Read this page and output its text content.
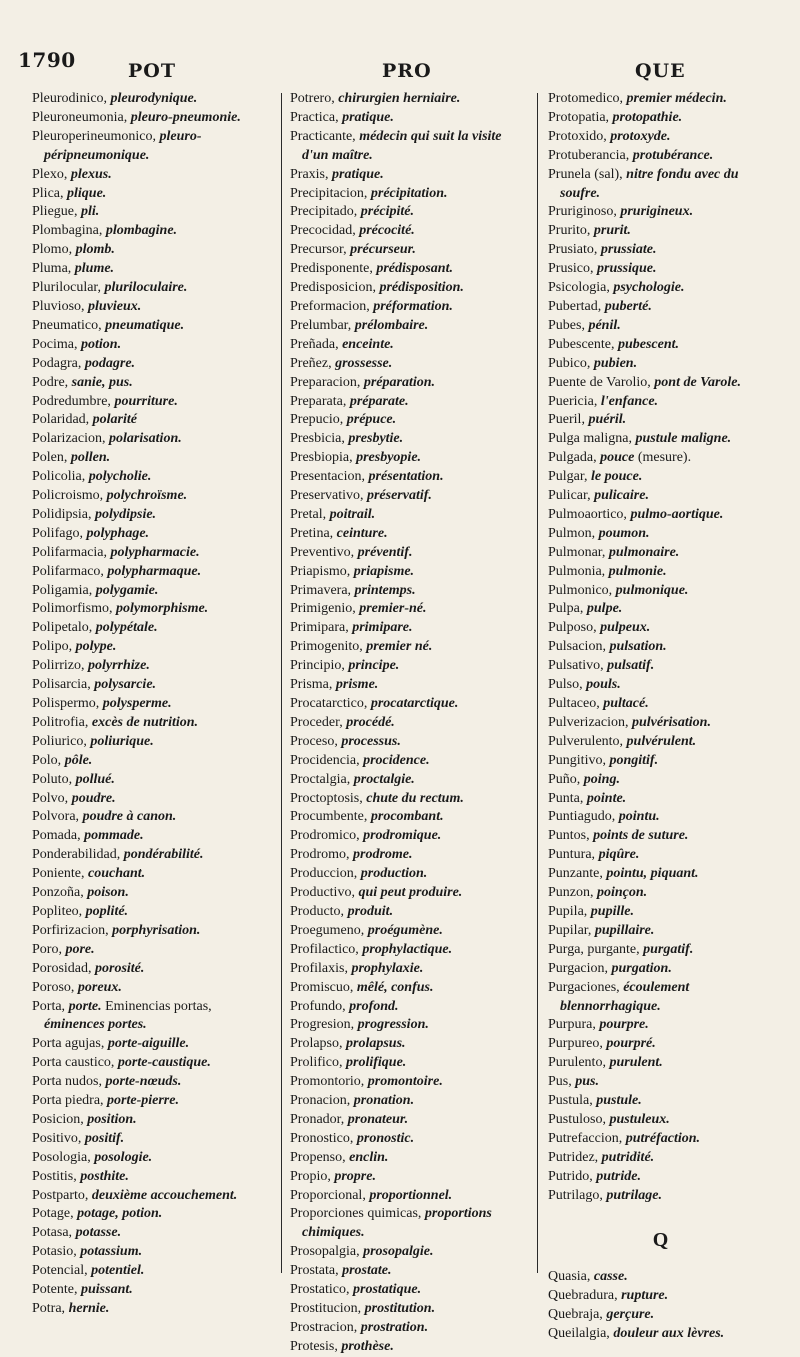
1790	POT	PRO	QUE
Pleurodinico, pleurodynique.
Pleuroneumonia, pleuro-pneumonie.
Pleuroperineumonico, pleuro-péripneumonique.
Plexo, plexus.
Plica, plique.
Pliegue, pli.
Plombagina, plombagine.
Plomo, plomb.
Pluma, plume.
Plurilocular, pluriloculaire.
Pluvioso, pluvieux.
Pneumatico, pneumatique.
Pocima, potion.
Podagra, podagre.
Podre, sanie, pus.
Podredumbre, pourriture.
Polaridad, polarité
Polarizacion, polarisation.
Polen, pollen.
Policolia, polycholie.
Policroismo, polychroïsme.
Polidipsia, polydipsie.
Polifago, polyphage.
Polifarmacia, polypharmacie.
Polifarmaco, polypharmaque.
Poligamia, polygamie.
Polimorfismo, polymorphisme.
Polipetalo, polypétale.
Polipo, polype.
Polirrizo, polyrrhize.
Polisarcia, polysarcie.
Polispermo, polysperme.
Politrofia, excès de nutrition.
Poliurico, poliurique.
Polo, pôle.
Poluto, pollué.
Polvo, poudre.
Polvora, poudre à canon.
Pomada, pommade.
Ponderabilidad, pondérabilité.
Poniente, couchant.
Ponzoña, poison.
Popliteo, poplité.
Porfirizacion, porphyrisation.
Poro, pore.
Porosidad, porosité.
Poroso, poreux.
Porta, porte. Eminencias portas, éminences portes.
Porta agujas, porte-aiguille.
Porta caustico, porte-caustique.
Porta nudos, porte-nœuds.
Porta piedra, porte-pierre.
Posicion, position.
Positivo, positif.
Posologia, posologie.
Postitis, posthite.
Postparto, deuxième accouchement.
Potage, potage, potion.
Potasa, potasse.
Potasio, potassium.
Potencial, potentiel.
Potente, puissant.
Potra, hernie.
Potrero, chirurgien herniaire.
Practica, pratique.
Practicante, médecin qui suit la visite d'un maître.
Praxis, pratique.
Precipitacion, précipitation.
Precipitado, précipité.
Precocidad, précocité.
Precursor, précurseur.
Predisponente, prédisposant.
Predisposicion, prédisposition.
Preformacion, préformation.
Prelumbar, prélombaire.
Preñada, enceinte.
Preñez, grossesse.
Preparacion, préparation.
Preparata, préparate.
Prepucio, prépuce.
Presbicia, presbytie.
Presbiopia, presbyopie.
Presentacion, présentation.
Preservativo, préservatif.
Pretal, poitrail.
Pretina, ceinture.
Preventivo, préventif.
Priapismo, priapisme.
Primavera, printemps.
Primigenio, premier-né.
Primipara, primipare.
Primogenito, premier né.
Principio, principe.
Prisma, prisme.
Procatarctico, procatarctique.
Proceder, procédé.
Proceso, processus.
Procidencia, procidence.
Proctalgia, proctalgie.
Proctoptosis, chute du rectum.
Procumbente, procombant.
Prodromico, prodromique.
Prodromo, prodrome.
Produccion, production.
Productivo, qui peut produire.
Producto, produit.
Proegumeno, proégumène.
Profilactico, prophylactique.
Profilaxis, prophylaxie.
Promiscuo, mêlé, confus.
Profundo, profond.
Progresion, progression.
Prolapso, prolapsus.
Prolifico, prolifique.
Promontorio, promontoire.
Pronacion, pronation.
Pronador, pronateur.
Pronostico, pronostic.
Propenso, enclin.
Propio, propre.
Proporcional, proportionnel.
Proporciones quimicas, proportions chimiques.
Prosopalgia, prosopalgie.
Prostata, prostate.
Prostatico, prostatique.
Prostitucion, prostitution.
Prostracion, prostration.
Protesis, prothèse.
Protomedico, premier médecin.
Protopatia, protopathie.
Protoxido, protoxyde.
Protuberancia, protubérance.
Prunela (sal), nitre fondu avec du soufre.
Pruriginoso, prurigineux.
Prurito, prurit.
Prusiato, prussiate.
Prusico, prussique.
Psicologia, psychologie.
Pubertad, puberté.
Pubes, pénil.
Pubescente, pubescent.
Pubico, pubien.
Puente de Varolio, pont de Varole.
Puericia, l'enfance.
Pueril, puéril.
Pulga maligna, pustule maligne.
Pulgada, pouce (mesure).
Pulgar, le pouce.
Pulicar, pulicaire.
Pulmoaortico, pulmo-aortique.
Pulmon, poumon.
Pulmonar, pulmonaire.
Pulmonia, pulmonie.
Pulmonico, pulmonique.
Pulpa, pulpe.
Pulposo, pulpeux.
Pulsacion, pulsation.
Pulsativo, pulsatif.
Pulso, pouls.
Pultaceo, pultacé.
Pulverizacion, pulvérisation.
Pulverulento, pulvérulent.
Pungitivo, pongitif.
Puño, poing.
Punta, pointe.
Puntiagudo, pointu.
Puntos, points de suture.
Puntura, piqûre.
Punzante, pointu, piquant.
Punzon, poinçon.
Pupila, pupille.
Pupilar, pupillaire.
Purga, purgante, purgatif.
Purgacion, purgation.
Purgaciones, écoulement blennorrhagique.
Purpura, pourpre.
Purpureo, pourpré.
Purulento, purulent.
Pus, pus.
Pustula, pustule.
Pustuloso, pustuleux.
Putrefaccion, putréfaction.
Putridez, putridité.
Putrido, putride.
Putrilago, putrilage.
Q
Quasia, casse.
Quebradura, rupture.
Quebraja, gerçure.
Queilalgia, douleur aux lèvres.
